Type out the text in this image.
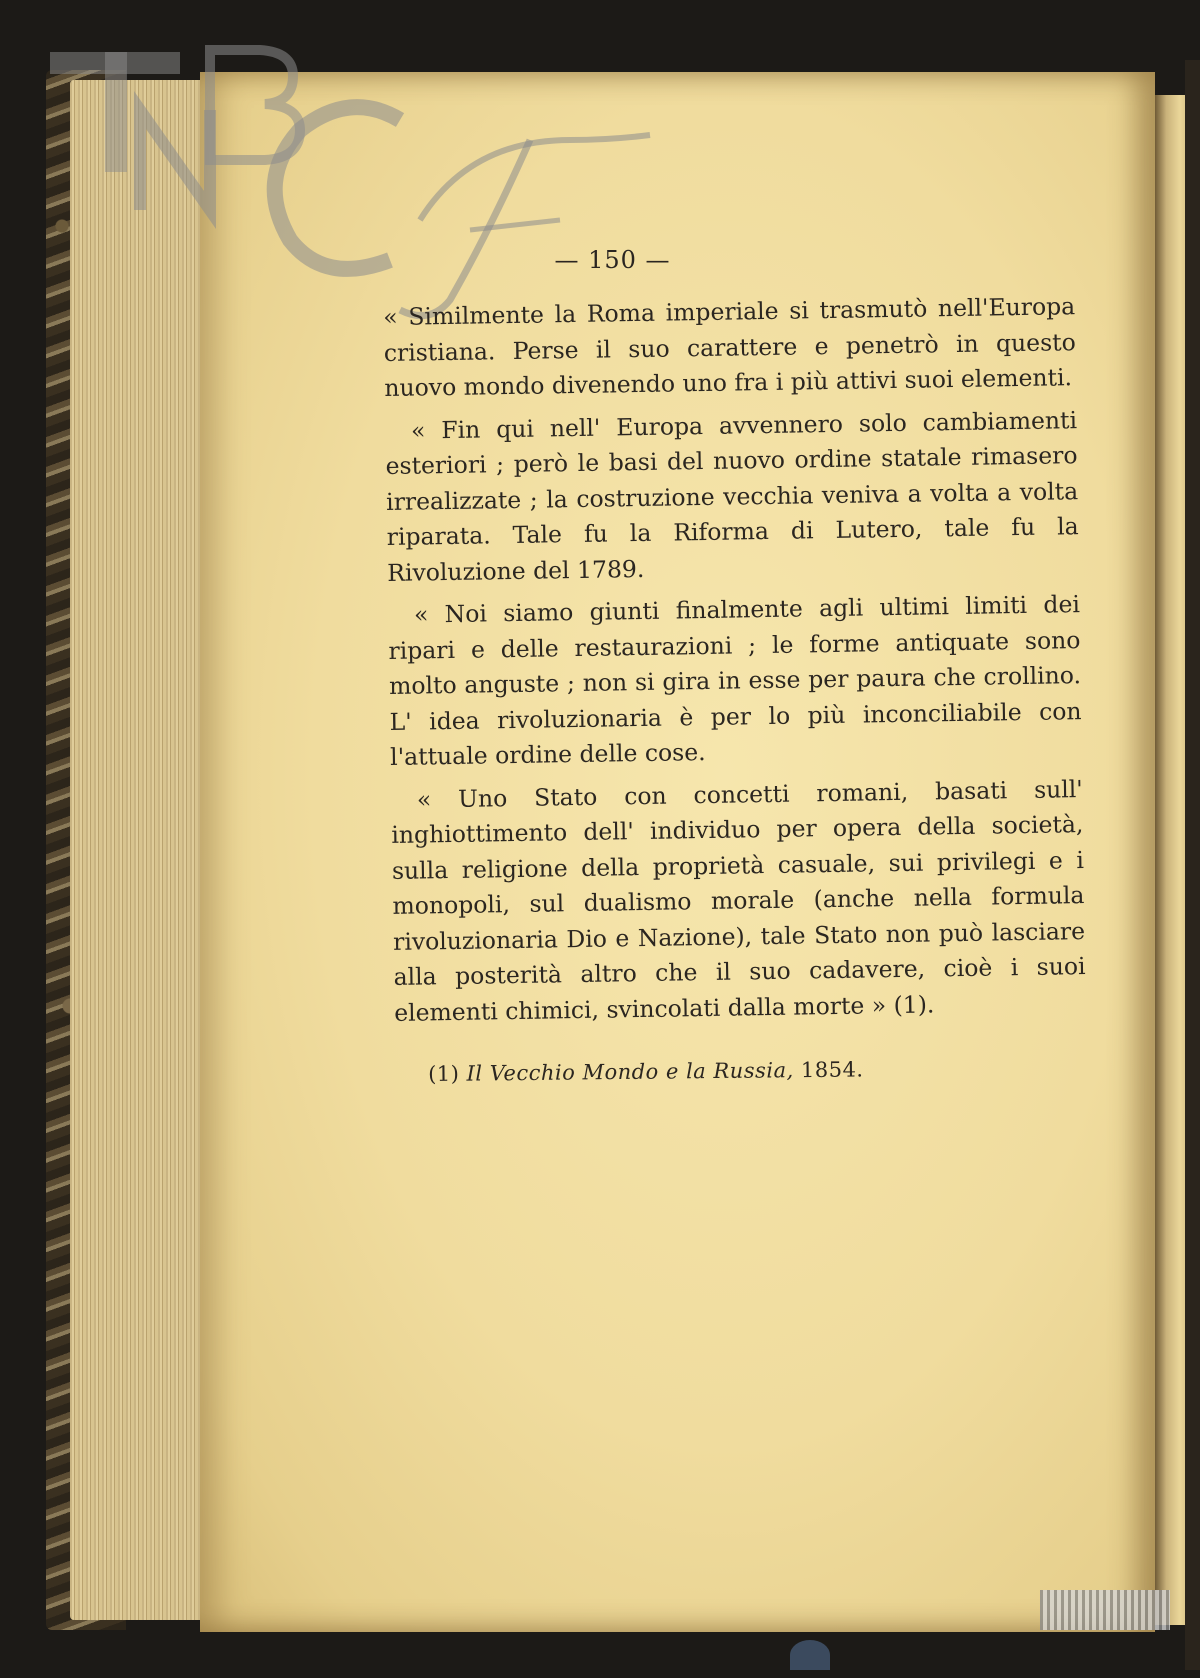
— 150 —

« Similmente la Roma imperiale si trasmutò nell'Europa cristiana. Perse il suo carattere e penetrò in questo nuovo mondo divenendo uno fra i più attivi suoi elementi.

« Fin qui nell' Europa avvennero solo cambiamenti esteriori ; però le basi del nuovo ordine statale rimasero irrealizzate ; la costruzione vecchia veniva a volta a volta riparata. Tale fu la Riforma di Lutero, tale fu la Rivoluzione del 1789.

« Noi siamo giunti finalmente agli ultimi limiti dei ripari e delle restaurazioni ; le forme antiquate sono molto anguste ; non si gira in esse per paura che crollino. L' idea rivoluzionaria è per lo più inconciliabile con l'attuale ordine delle cose.

« Uno Stato con concetti romani, basati sull' inghiottimento dell' individuo per opera della società, sulla religione della proprietà casuale, sui privilegi e i monopoli, sul dualismo morale (anche nella formula rivoluzionaria Dio e Nazione), tale Stato non può lasciare alla posterità altro che il suo cadavere, cioè i suoi elementi chimici, svincolati dalla morte » (1).

(1) Il Vecchio Mondo e la Russia, 1854.
